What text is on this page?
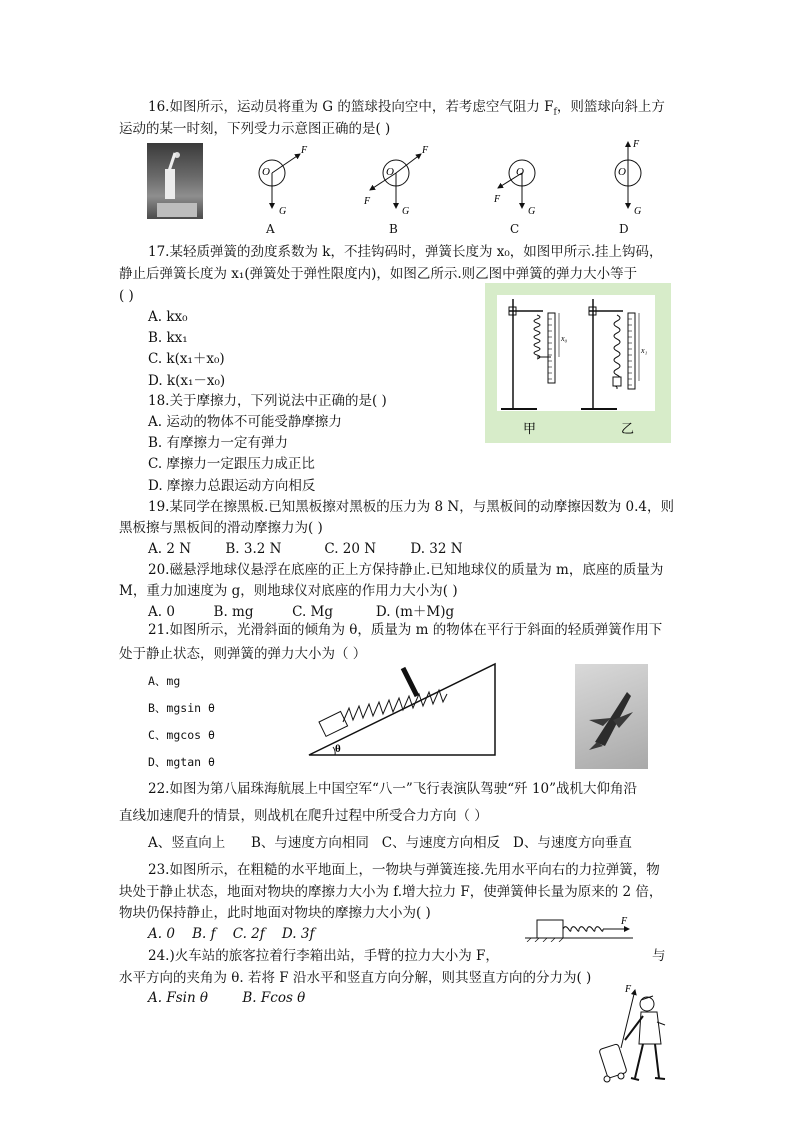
16.如图所示，运动员将重为 G 的篮球投向空中，若考虑空气阻力 $F_f$，则篮球向斜上方
运动的某一时刻，下列受力示意图正确的是( )
O
F
G
O
F
G
F
O
G
F
O
F
G
A	B	C	D
17.某轻质弹簧的劲度系数为 k，不挂钩码时，弹簧长度为 x₀，如图甲所示.挂上钩码，
静止后弹簧长度为 x₁(弹簧处于弹性限度内)，如图乙所示.则乙图中弹簧的弹力大小等于
( )
A. kx₀
B. kx₁
C. k(x₁＋x₀)
D. k(x₁－x₀)
x₀
x₁
甲	乙
18.关于摩擦力，下列说法中正确的是( )
A. 运动的物体不可能受静摩擦力
B. 有摩擦力一定有弹力
C. 摩擦力一定跟压力成正比
D. 摩擦力总跟运动方向相反
19.某同学在擦黑板.已知黑板擦对黑板的压力为 8 N，与黑板间的动摩擦因数为 0.4，则
黑板擦与黑板间的滑动摩擦力为( )
A. 2 N        B. 3.2 N          C. 20 N        D. 32 N
20.磁悬浮地球仪悬浮在底座的正上方保持静止.已知地球仪的质量为 m，底座的质量为
M，重力加速度为 g，则地球仪对底座的作用力大小为( )
A. 0         B. mg         C. Mg          D. (m＋M)g
21.如图所示，光滑斜面的倾角为 θ，质量为 m 的物体在平行于斜面的轻质弹簧作用下
处于静止状态，则弹簧的弹力大小为（ ）
A、mg
B、mgsin θ
C、mgcos θ
D、mgtan θ
θ
22.如图为第八届珠海航展上中国空军“八一”飞行表演队驾驶“歼 10”战机大仰角沿
直线加速爬升的情景，则战机在爬升过程中所受合力方向（ ）
A、竖直向上      B、与速度方向相同   C、与速度方向相反   D、与速度方向垂直
23.如图所示，在粗糙的水平地面上，一物块与弹簧连接.先用水平向右的力拉弹簧，物
块处于静止状态，地面对物块的摩擦力大小为 f.增大拉力 F，使弹簧伸长量为原来的 2 倍，
物块仍保持静止，此时地面对物块的摩擦力大小为( )
A. 0    B. f    C. 2f    D. 3f
F
24.)火车站的旅客拉着行李箱出站，手臂的拉力大小为 F，	与
水平方向的夹角为 θ. 若将 F 沿水平和竖直方向分解，则其竖直方向的分力为( )
A. Fsin θ        B. Fcos θ
F
